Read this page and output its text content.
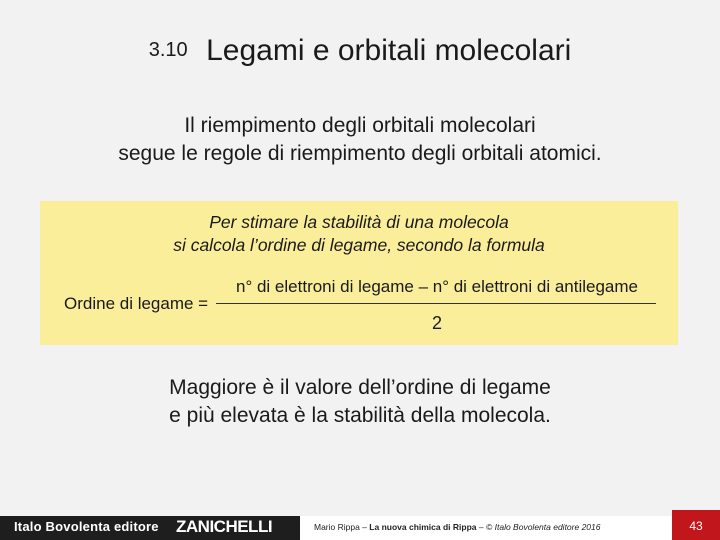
3.10 Legami e orbitali molecolari
Il riempimento degli orbitali molecolari
segue le regole di riempimento degli orbitali atomici.
Per stimare la stabilità di una molecola
si calcola l’ordine di legame, secondo la formula
Ordine di legame =
n° di elettroni di legame – n° di elettroni di antilegame
2
Maggiore è il valore dell’ordine di legame
e più elevata è la stabilità della molecola.
Italo Bovolenta editore ZANICHELLI	Mario Rippa – La nuova chimica di Rippa – © Italo Bovolenta editore 2016	43
